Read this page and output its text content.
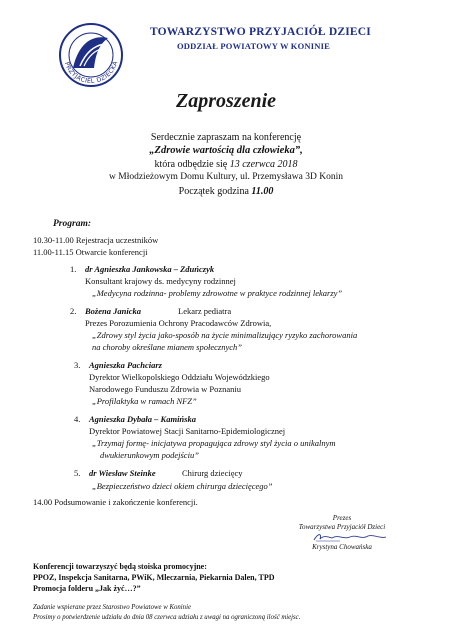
PRZYJACIEL DZIECKA
TOWARZYSTWO PRZYJACIÓŁ DZIECI
ODDZIAŁ POWIATOWY W KONINIE
Zaproszenie
Serdecznie zapraszam na konferencję
„Zdrowie wartością dla człowieka”,
która odbędzie się 13 czerwca 2018
w Młodzieżowym Domu Kultury, ul. Przemysława 3D Konin
Początek godzina 11.00
Program:
10.30-11.00 Rejestracja uczestników
11.00-11.15 Otwarcie konferencji
1. dr Agnieszka Jankowska – Zduńczyk
Konsultant krajowy ds. medycyny rodzinnej
„Medycyna rodzinna- problemy zdrowotne w praktyce rodzinnej lekarzy”
2. Bożena Janicka	Lekarz pediatra
Prezes Porozumienia Ochrony Pracodawców Zdrowia,
„Zdrowy styl życia jako-sposób na życie minimalizujący ryzyko zachorowania
na choroby określane mianem społecznych”
3. Agnieszka Pachciarz
Dyrektor Wielkopolskiego Oddziału Wojewódzkiego
Narodowego Funduszu Zdrowia w Poznaniu
„Profilaktyka w ramach NFZ”
4. Agnieszka Dybała – Kamińska
Dyrektor Powiatowej Stacji Sanitarno-Epidemiologicznej
„Trzymaj formę- inicjatywa propagująca zdrowy styl życia o unikalnym
dwukierunkowym podejściu”
5. dr Wiesław Steinke	Chirurg dziecięcy
„Bezpieczeństwo dzieci okiem chirurga dziecięcego”
14.00 Podsumowanie i zakończenie konferencji.
Prezes
Towarzystwa Przyjaciół Dzieci
Krystyna Chowańska
Konferencji towarzyszyć będą stoiska promocyjne:
PPOZ, Inspekcja Sanitarna, PWiK, Mleczarnia, Piekarnia Dalen, TPD
Promocja folderu „Jak żyć…?”
Zadanie wspierane przez Starostwo Powiatowe w Koninie
Prosimy o potwierdzenie udziału do dnia 08 czerwca udziału z uwagi na ograniczoną ilość miejsc.
